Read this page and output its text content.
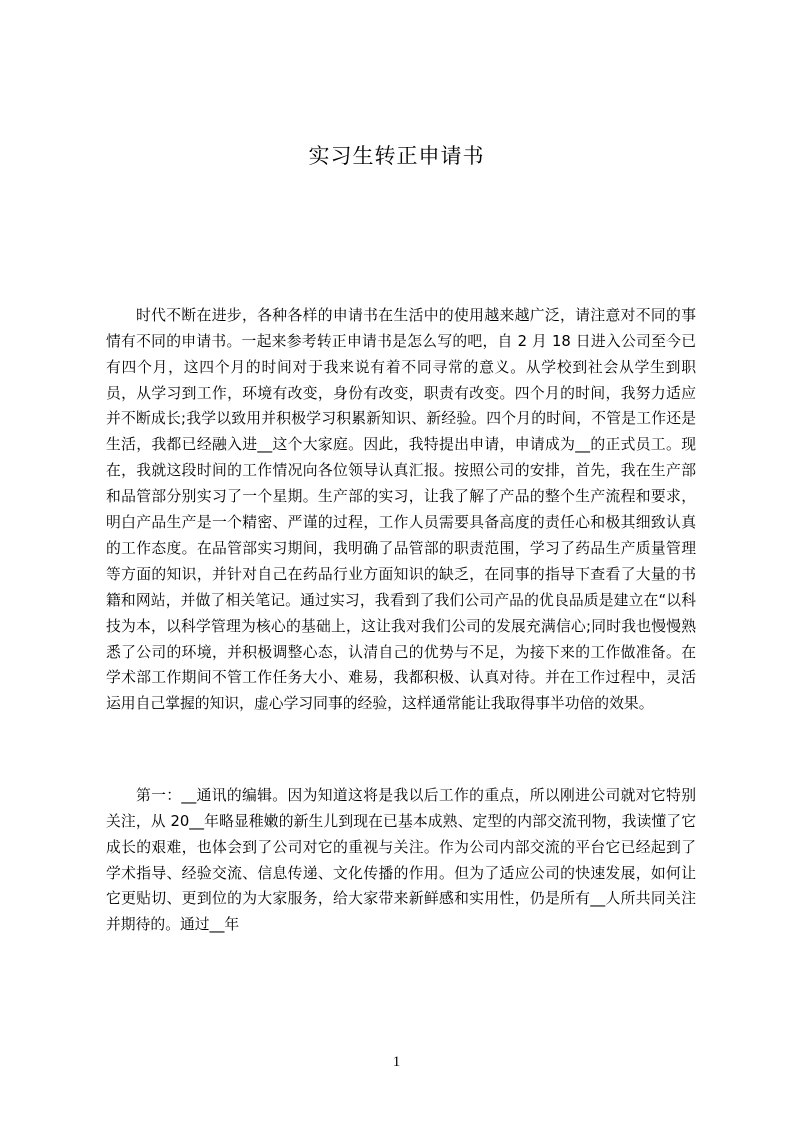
实习生转正申请书

时代不断在进步，各种各样的申请书在生活中的使用越来越广泛，请注意对不同的事情有不同的申请书。一起来参考转正申请书是怎么写的吧，自 2 月 18 日进入公司至今已有四个月，这四个月的时间对于我来说有着不同寻常的意义。从学校到社会从学生到职员，从学习到工作，环境有改变，身份有改变，职责有改变。四个月的时间，我努力适应并不断成长;我学以致用并积极学习积累新知识、新经验。四个月的时间，不管是工作还是生活，我都已经融入进__这个大家庭。因此，我特提出申请，申请成为__的正式员工。现在，我就这段时间的工作情况向各位领导认真汇报。按照公司的安排，首先，我在生产部和品管部分别实习了一个星期。生产部的实习，让我了解了产品的整个生产流程和要求，明白产品生产是一个精密、严谨的过程，工作人员需要具备高度的责任心和极其细致认真的工作态度。在品管部实习期间，我明确了品管部的职责范围，学习了药品生产质量管理等方面的知识，并针对自己在药品行业方面知识的缺乏，在同事的指导下查看了大量的书籍和网站，并做了相关笔记。通过实习，我看到了我们公司产品的优良品质是建立在“以科技为本，以科学管理为核心的基础上，这让我对我们公司的发展充满信心;同时我也慢慢熟悉了公司的环境，并积极调整心态，认清自己的优势与不足，为接下来的工作做准备。在学术部工作期间不管工作任务大小、难易，我都积极、认真对待。并在工作过程中，灵活运用自己掌握的知识，虚心学习同事的经验，这样通常能让我取得事半功倍的效果。

第一：__通讯的编辑。因为知道这将是我以后工作的重点，所以刚进公司就对它特别关注，从 20__年略显稚嫩的新生儿到现在已基本成熟、定型的内部交流刊物，我读懂了它成长的艰难，也体会到了公司对它的重视与关注。作为公司内部交流的平台它已经起到了学术指导、经验交流、信息传递、文化传播的作用。但为了适应公司的快速发展，如何让它更贴切、更到位的为大家服务，给大家带来新鲜感和实用性，仍是所有__人所共同关注并期待的。通过__年

1
